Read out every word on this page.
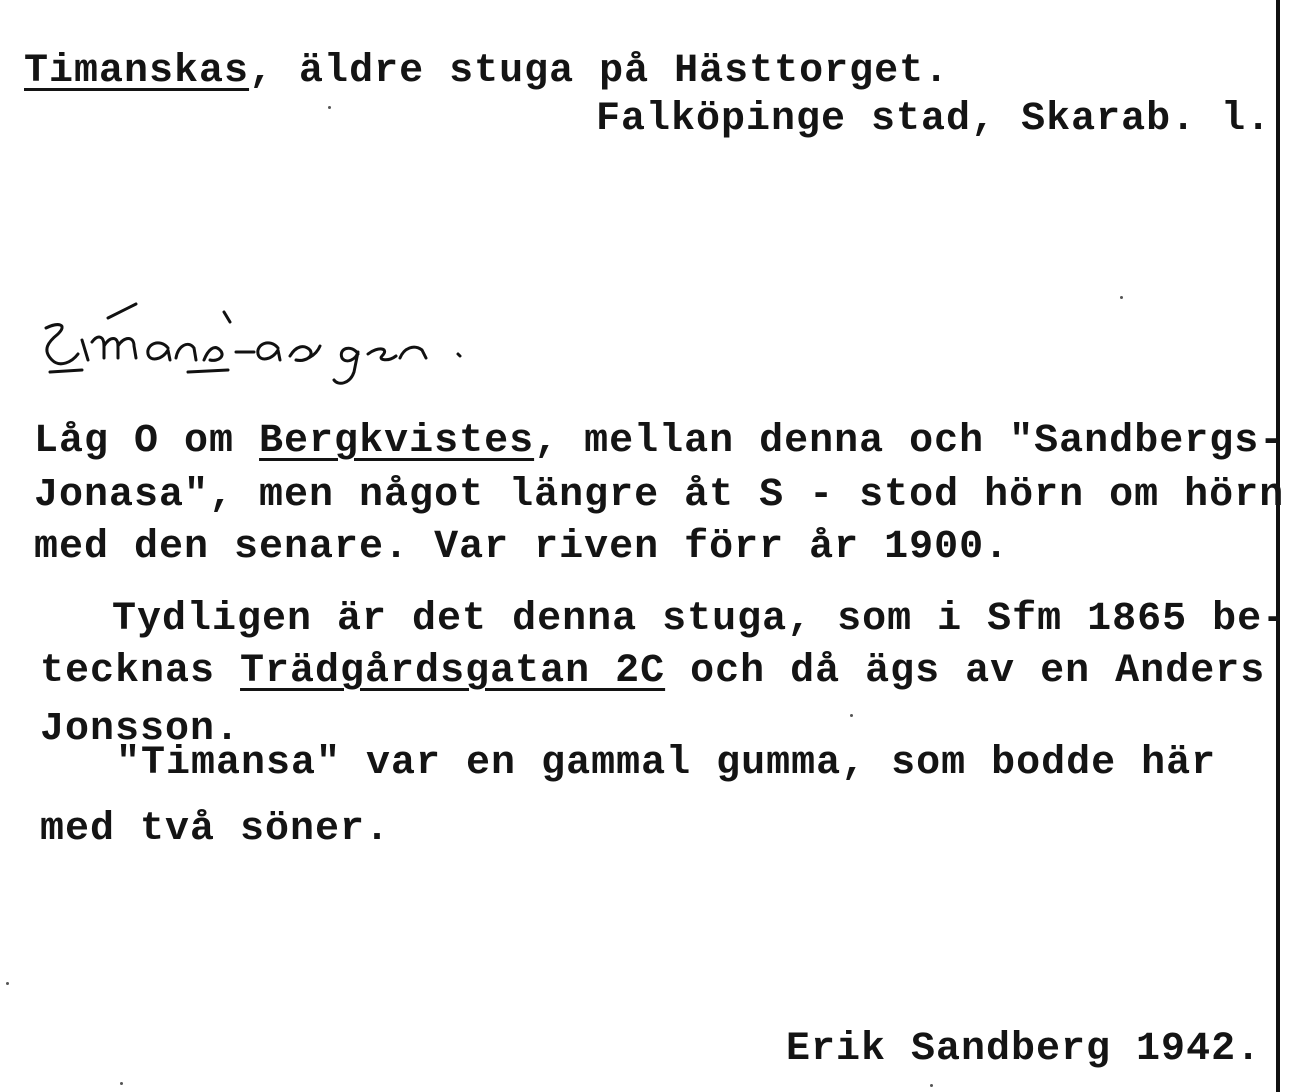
Timanskas, äldre stuga på Hästtorget.
Falköpinge stad, Skarab. l.
Låg O om Bergkvistes, mellan denna och "Sandbergs-
Jonasa", men något längre åt S - stod hörn om hörn
med den senare. Var riven förr år 1900.
Tydligen är det denna stuga, som i Sfm 1865 be-
tecknas Trädgårdsgatan 2C och då ägs av en Anders
Jonsson.
"Timansa" var en gammal gumma, som bodde här
med två söner.
Erik Sandberg 1942.
